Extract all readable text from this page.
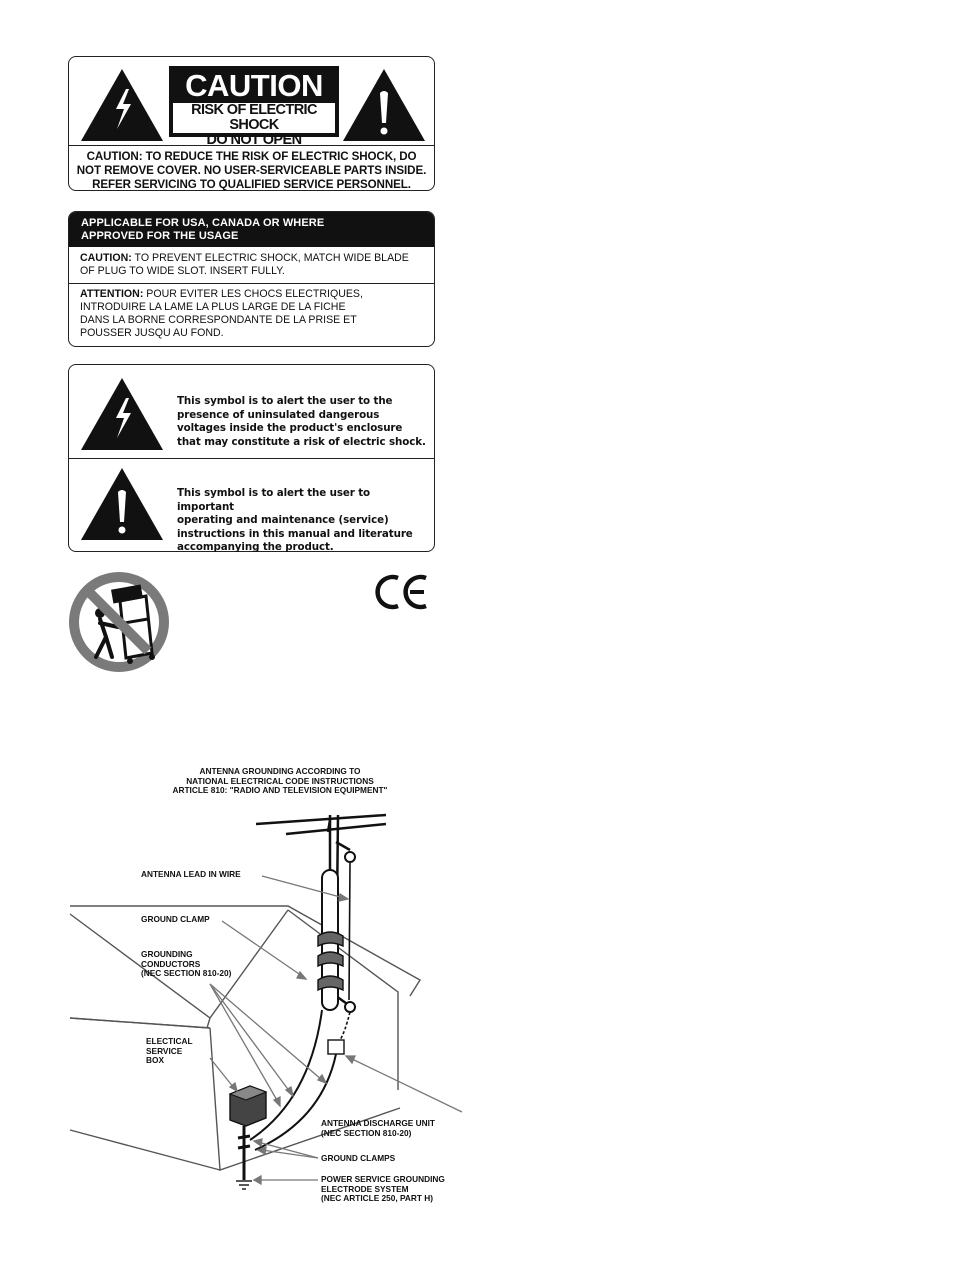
CAUTION
RISK OF ELECTRIC SHOCK
DO NOT OPEN
CAUTION: TO REDUCE THE RISK OF ELECTRIC SHOCK, DO
NOT REMOVE COVER. NO USER-SERVICEABLE PARTS INSIDE.
REFER SERVICING TO QUALIFIED SERVICE PERSONNEL.
APPLICABLE FOR USA, CANADA OR WHERE
APPROVED FOR THE USAGE
CAUTION: TO PREVENT ELECTRIC SHOCK, MATCH WIDE BLADE
OF PLUG TO WIDE SLOT. INSERT FULLY.
ATTENTION: POUR EVITER LES CHOCS ELECTRIQUES,
INTRODUIRE LA LAME LA PLUS LARGE DE LA FICHE
DANS LA BORNE CORRESPONDANTE DE LA PRISE ET
POUSSER JUSQU AU FOND.
This symbol is to alert the user to the
presence of uninsulated dangerous
voltages inside the product's enclosure
that may constitute a risk of electric shock.
This symbol is to alert the user to important
operating and maintenance (service)
instructions in this manual and literature
accompanying the product.
ANTENNA GROUNDING ACCORDING TO
NATIONAL ELECTRICAL CODE INSTRUCTIONS
ARTICLE 810: "RADIO AND TELEVISION EQUIPMENT"
ANTENNA LEAD IN WIRE
GROUND CLAMP
GROUNDING
CONDUCTORS
(NEC SECTION 810-20)
ELECTICAL
SERVICE
BOX
ANTENNA DISCHARGE UNIT
(NEC SECTION 810-20)
GROUND CLAMPS
POWER SERVICE GROUNDING
ELECTRODE SYSTEM
(NEC ARTICLE 250, PART H)
